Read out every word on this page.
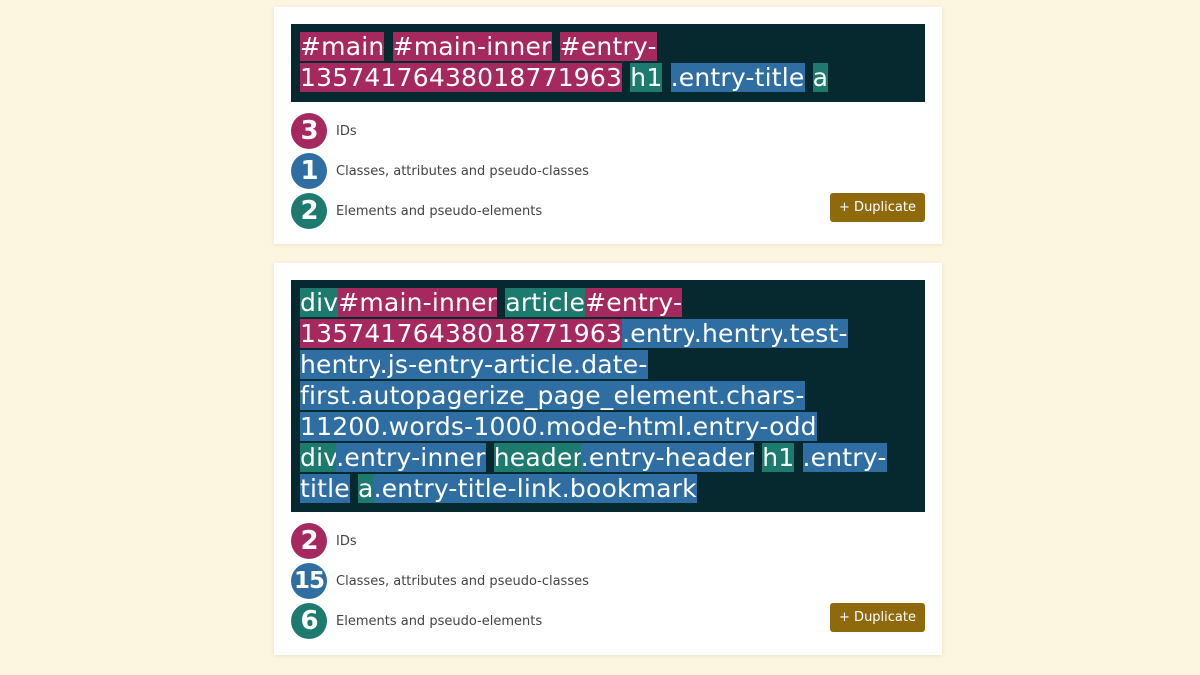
#main #main-inner #entry-13574176438018771963 h1 .entry-title a
3	IDs
1	Classes, attributes and pseudo-classes
2	Elements and pseudo-elements	+ Duplicate
div#main-inner article#entry-13574176438018771963.entry.hentry.test-hentry.js-entry-article.date-first.autopagerize_page_element.chars-11200.words-1000.mode-html.entry-odd div.entry-inner header.entry-header h1 .entry-title a.entry-title-link.bookmark
2	IDs
15 Classes, attributes and pseudo-classes
6	Elements and pseudo-elements	+ Duplicate
